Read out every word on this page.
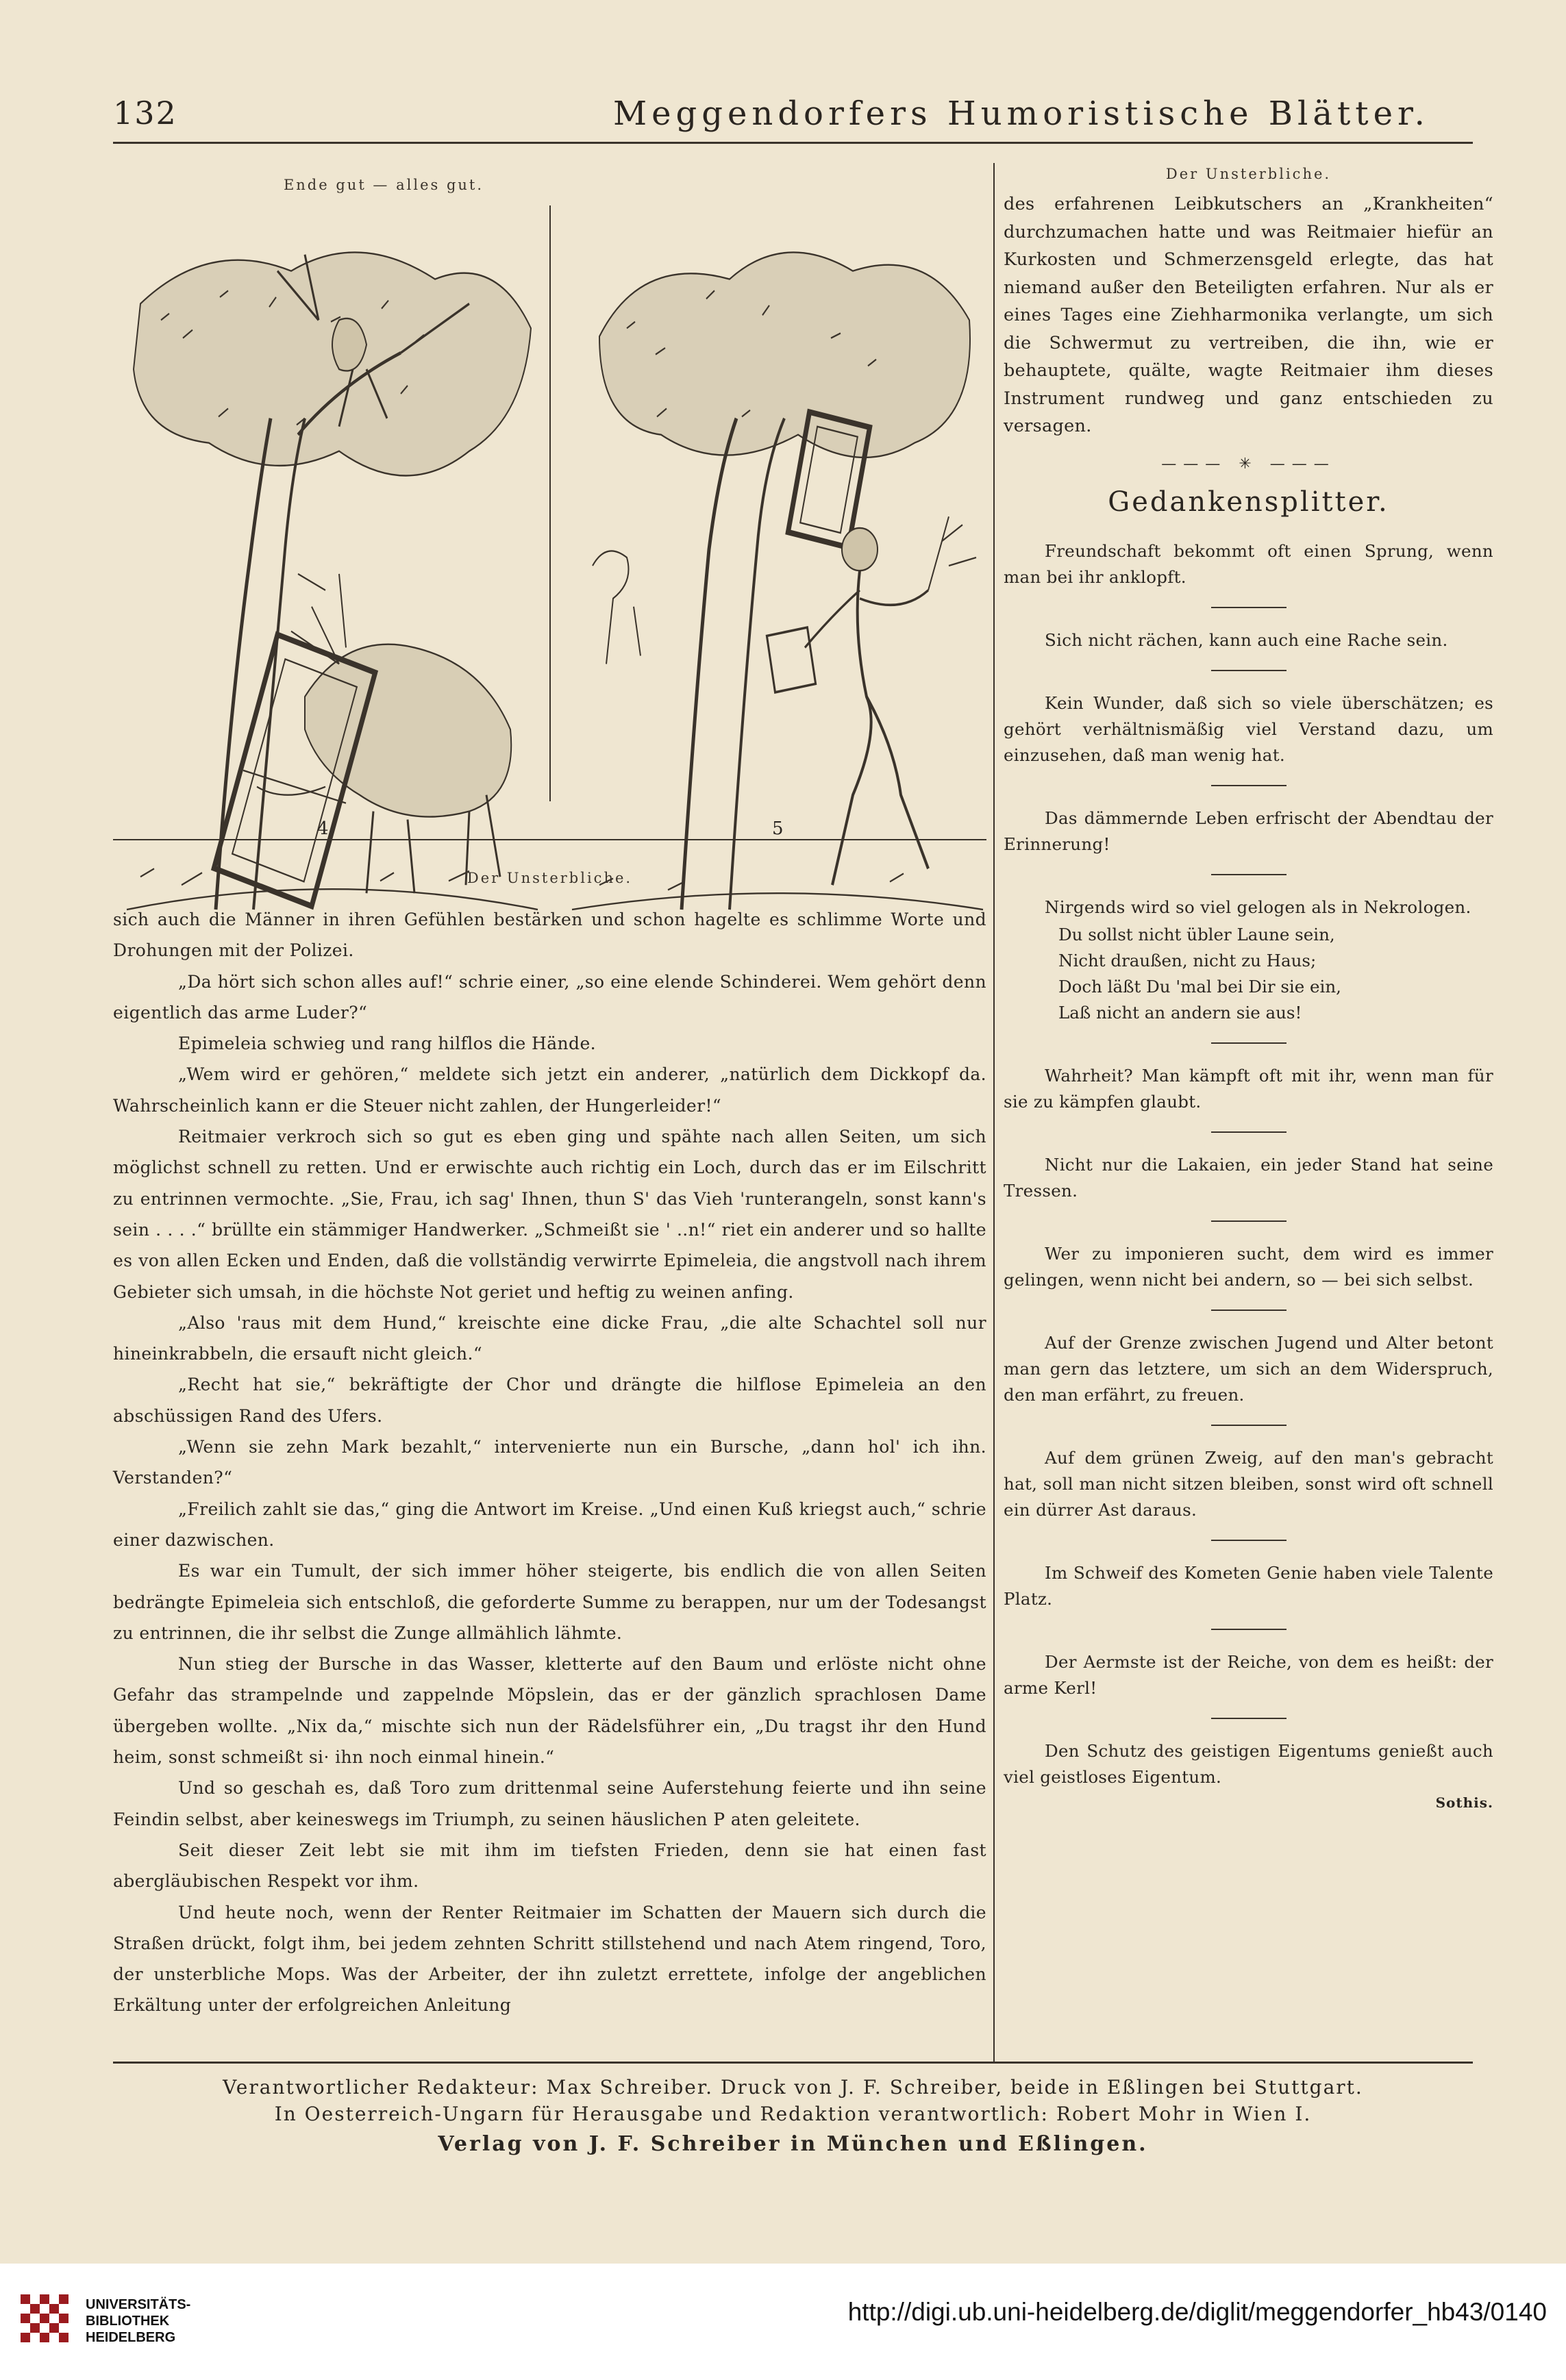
132	Meggendorfers Humoristische Blätter.
Ende gut — alles gut.
4	5
Der Unsterbliche.

sich auch die Männer in ihren Gefühlen bestärken und schon hagelte es schlimme Worte und Drohungen mit der Polizei.

„Da hört sich schon alles auf!“ schrie einer, „so eine elende Schinderei. Wem gehört denn eigentlich das arme Luder?“

Epimeleia schwieg und rang hilflos die Hände.

„Wem wird er gehören,“ meldete sich jetzt ein anderer, „natürlich dem Dickkopf da. Wahrscheinlich kann er die Steuer nicht zahlen, der Hungerleider!“

Reitmaier verkroch sich so gut es eben ging und spähte nach allen Seiten, um sich möglichst schnell zu retten. Und er erwischte auch richtig ein Loch, durch das er im Eilschritt zu entrinnen vermochte. „Sie, Frau, ich sag' Ihnen, thun S' das Vieh 'runterangeln, sonst kann's sein . . . .“ brüllte ein stämmiger Handwerker. „Schmeißt sie ' ..n!“ riet ein anderer und so hallte es von allen Ecken und Enden, daß die vollständig verwirrte Epimeleia, die angstvoll nach ihrem Gebieter sich umsah, in die höchste Not geriet und heftig zu weinen anfing.

„Also 'raus mit dem Hund,“ kreischte eine dicke Frau, „die alte Schachtel soll nur hineinkrabbeln, die ersauft nicht gleich.“

„Recht hat sie,“ bekräftigte der Chor und drängte die hilflose Epimeleia an den abschüssigen Rand des Ufers.

„Wenn sie zehn Mark bezahlt,“ intervenierte nun ein Bursche, „dann hol' ich ihn. Verstanden?“

„Freilich zahlt sie das,“ ging die Antwort im Kreise. „Und einen Kuß kriegst auch,“ schrie einer dazwischen.

Es war ein Tumult, der sich immer höher steigerte, bis endlich die von allen Seiten bedrängte Epimeleia sich entschloß, die geforderte Summe zu berappen, nur um der Todesangst zu entrinnen, die ihr selbst die Zunge allmählich lähmte.

Nun stieg der Bursche in das Wasser, kletterte auf den Baum und erlöste nicht ohne Gefahr das strampelnde und zappelnde Möpslein, das er der gänzlich sprachlosen Dame übergeben wollte. „Nix da,“ mischte sich nun der Rädelsführer ein, „Du tragst ihr den Hund heim, sonst schmeißt si· ihn noch einmal hinein.“

Und so geschah es, daß Toro zum drittenmal seine Auferstehung feierte und ihn seine Feindin selbst, aber keineswegs im Triumph, zu seinen häuslichen P aten geleitete.

Seit dieser Zeit lebt sie mit ihm im tiefsten Frieden, denn sie hat einen fast abergläubischen Respekt vor ihm.

Und heute noch, wenn der Renter Reitmaier im Schatten der Mauern sich durch die Straßen drückt, folgt ihm, bei jedem zehnten Schritt stillstehend und nach Atem ringend, Toro, der unsterbliche Mops. Was der Arbeiter, der ihn zuletzt errettete, infolge der angeblichen Erkältung unter der erfolgreichen Anleitung

Der Unsterbliche.

des erfahrenen Leibkutschers an „Krankheiten“ durchzumachen hatte und was Reitmaier hiefür an Kurkosten und Schmerzensgeld erlegte, das hat niemand außer den Beteiligten erfahren. Nur als er eines Tages eine Ziehharmonika verlangte, um sich die Schwermut zu vertreiben, die ihn, wie er behauptete, quälte, wagte Reitmaier ihm dieses Instrument rundweg und ganz entschieden zu versagen.

——— ✳ ———
Gedankensplitter.

Freundschaft bekommt oft einen Sprung, wenn man bei ihr anklopft.

Sich nicht rächen, kann auch eine Rache sein.

Kein Wunder, daß sich so viele überschätzen; es gehört verhältnismäßig viel Verstand dazu, um einzusehen, daß man wenig hat.

Das dämmernde Leben erfrischt der Abendtau der Erinnerung!

Nirgends wird so viel gelogen als in Nekrologen.

Du sollst nicht übler Laune sein,
Nicht draußen, nicht zu Haus;
Doch läßt Du 'mal bei Dir sie ein,
Laß nicht an andern sie aus!

Wahrheit? Man kämpft oft mit ihr, wenn man für sie zu kämpfen glaubt.

Nicht nur die Lakaien, ein jeder Stand hat seine Tressen.

Wer zu imponieren sucht, dem wird es immer gelingen, wenn nicht bei andern, so — bei sich selbst.

Auf der Grenze zwischen Jugend und Alter betont man gern das letztere, um sich an dem Widerspruch, den man erfährt, zu freuen.

Auf dem grünen Zweig, auf den man's gebracht hat, soll man nicht sitzen bleiben, sonst wird oft schnell ein dürrer Ast daraus.

Im Schweif des Kometen Genie haben viele Talente Platz.

Der Aermste ist der Reiche, von dem es heißt: der arme Kerl!

Den Schutz des geistigen Eigentums genießt auch viel geistloses Eigentum.

Sothis.
Verantwortlicher Redakteur: Max Schreiber. Druck von J. F. Schreiber, beide in Eßlingen bei Stuttgart.
In Oesterreich-Ungarn für Herausgabe und Redaktion verantwortlich: Robert Mohr in Wien I.
Verlag von J. F. Schreiber in München und Eßlingen.
UNIVERSITÄTS-
BIBLIOTHEK
HEIDELBERG
http://digi.ub.uni-heidelberg.de/diglit/meggendorfer_hb43/0140
